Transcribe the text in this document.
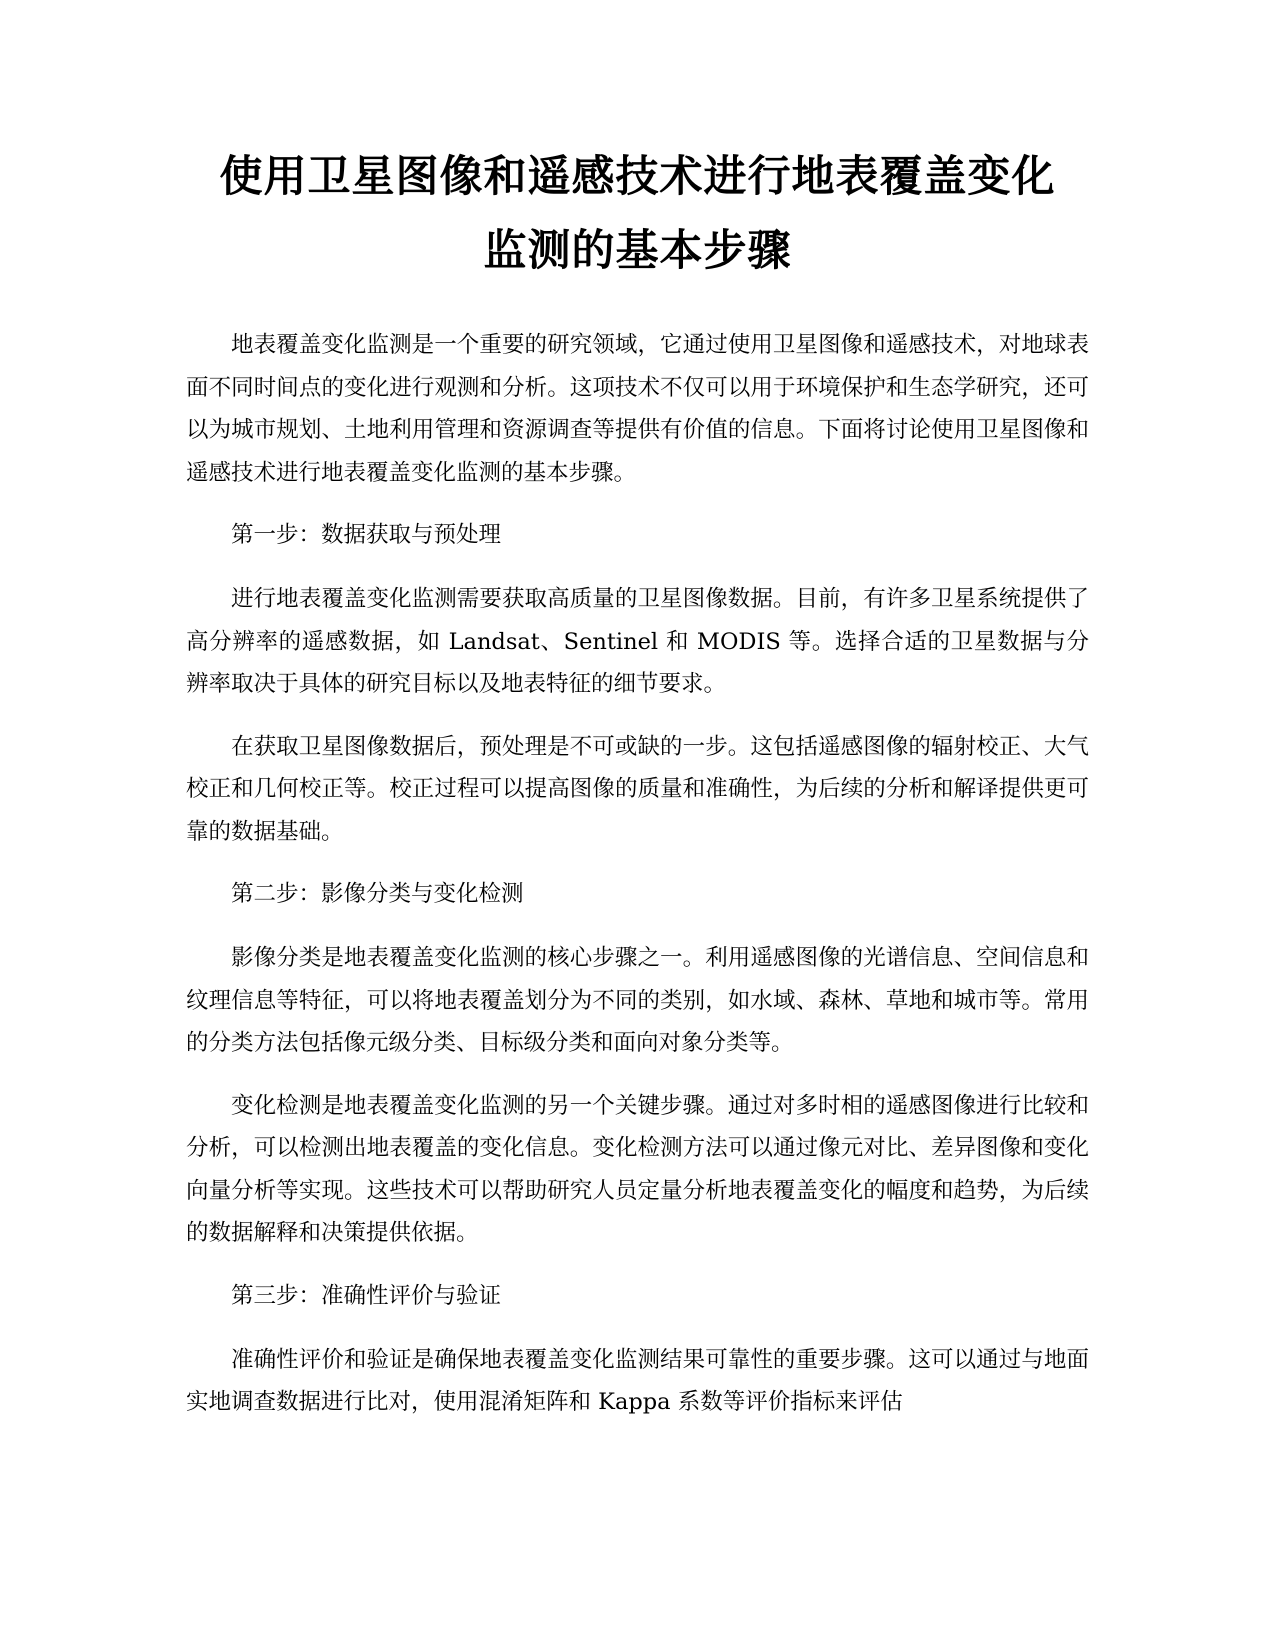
使用卫星图像和遥感技术进行地表覆盖变化
监测的基本步骤

地表覆盖变化监测是一个重要的研究领域，它通过使用卫星图像和遥感技术，对地球表面不同时间点的变化进行观测和分析。这项技术不仅可以用于环境保护和生态学研究，还可以为城市规划、土地利用管理和资源调查等提供有价值的信息。下面将讨论使用卫星图像和遥感技术进行地表覆盖变化监测的基本步骤。

第一步：数据获取与预处理

进行地表覆盖变化监测需要获取高质量的卫星图像数据。目前，有许多卫星系统提供了高分辨率的遥感数据，如 Landsat、Sentinel 和 MODIS 等。选择合适的卫星数据与分辨率取决于具体的研究目标以及地表特征的细节要求。

在获取卫星图像数据后，预处理是不可或缺的一步。这包括遥感图像的辐射校正、大气校正和几何校正等。校正过程可以提高图像的质量和准确性，为后续的分析和解译提供更可靠的数据基础。

第二步：影像分类与变化检测

影像分类是地表覆盖变化监测的核心步骤之一。利用遥感图像的光谱信息、空间信息和纹理信息等特征，可以将地表覆盖划分为不同的类别，如水域、森林、草地和城市等。常用的分类方法包括像元级分类、目标级分类和面向对象分类等。

变化检测是地表覆盖变化监测的另一个关键步骤。通过对多时相的遥感图像进行比较和分析，可以检测出地表覆盖的变化信息。变化检测方法可以通过像元对比、差异图像和变化向量分析等实现。这些技术可以帮助研究人员定量分析地表覆盖变化的幅度和趋势，为后续的数据解释和决策提供依据。

第三步：准确性评价与验证

准确性评价和验证是确保地表覆盖变化监测结果可靠性的重要步骤。这可以通过与地面实地调查数据进行比对，使用混淆矩阵和 Kappa 系数等评价指标来评估
